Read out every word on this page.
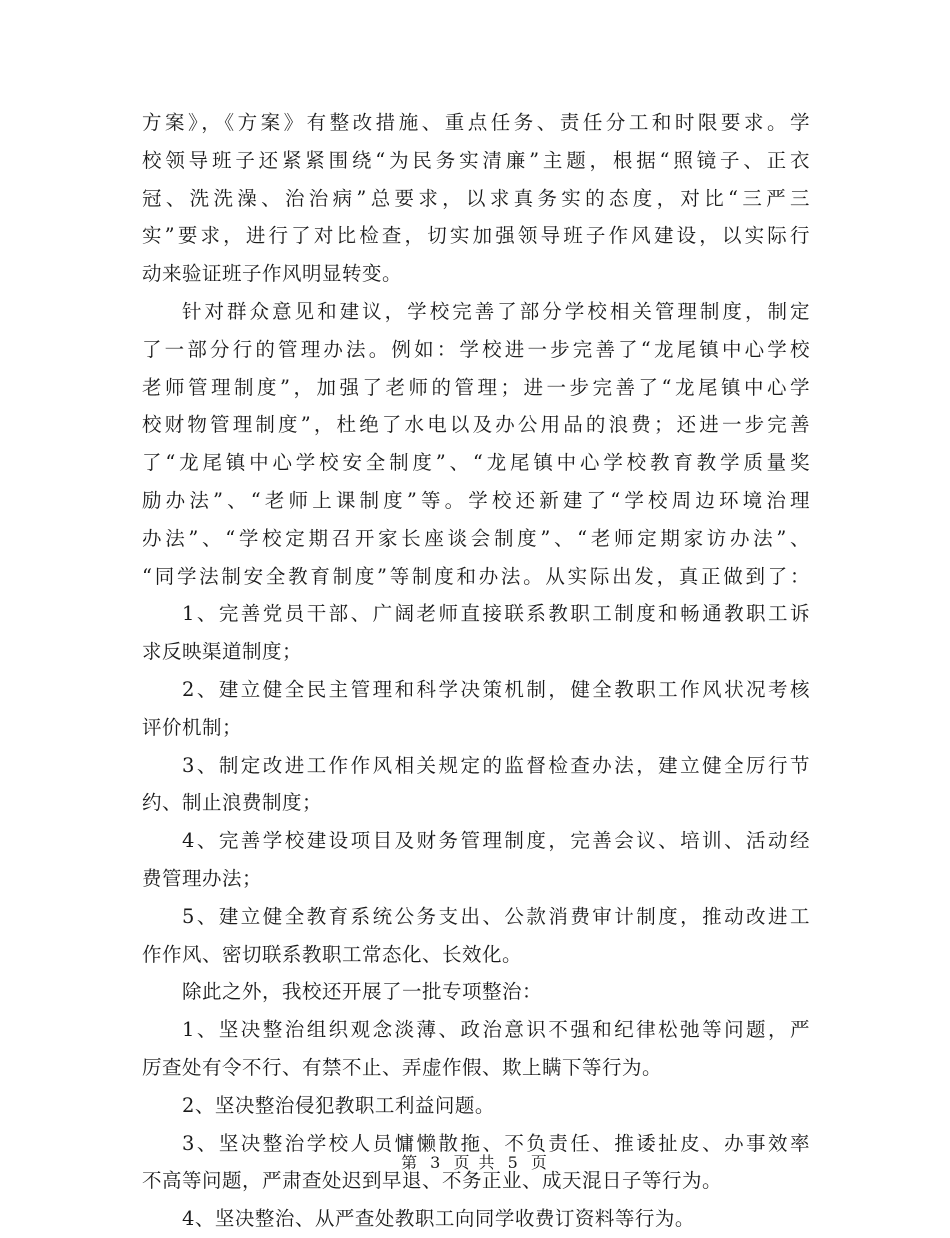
方案》，《方案》有整改措施、重点任务、责任分工和时限要求。学
校领导班子还紧紧围绕“为民务实清廉”主题，根据“照镜子、正衣
冠、洗洗澡、治治病”总要求，以求真务实的态度，对比“三严三
实”要求，进行了对比检查，切实加强领导班子作风建设，以实际行
动来验证班子作风明显转变。
针对群众意见和建议，学校完善了部分学校相关管理制度，制定
了一部分行的管理办法。例如：学校进一步完善了“龙尾镇中心学校
老师管理制度”，加强了老师的管理；进一步完善了“龙尾镇中心学
校财物管理制度”，杜绝了水电以及办公用品的浪费；还进一步完善
了“龙尾镇中心学校安全制度”、“龙尾镇中心学校教育教学质量奖
励办法”、“老师上课制度”等。学校还新建了“学校周边环境治理
办法”、“学校定期召开家长座谈会制度”、“老师定期家访办法”、
“同学法制安全教育制度”等制度和办法。从实际出发，真正做到了：
1、完善党员干部、广阔老师直接联系教职工制度和畅通教职工诉
求反映渠道制度；
2、建立健全民主管理和科学决策机制，健全教职工作风状况考核
评价机制；
3、制定改进工作作风相关规定的监督检查办法，建立健全厉行节
约、制止浪费制度；
4、完善学校建设项目及财务管理制度，完善会议、培训、活动经
费管理办法；
5、建立健全教育系统公务支出、公款消费审计制度，推动改进工
作作风、密切联系教职工常态化、长效化。
除此之外，我校还开展了一批专项整治：
1、坚决整治组织观念淡薄、政治意识不强和纪律松弛等问题，严
厉查处有令不行、有禁不止、弄虚作假、欺上瞒下等行为。
2、坚决整治侵犯教职工利益问题。
3、坚决整治学校人员慵懒散拖、不负责任、推诿扯皮、办事效率
不高等问题，严肃查处迟到早退、不务正业、成天混日子等行为。
4、坚决整治、从严查处教职工向同学收费订资料等行为。
第 3 页 共 5 页
